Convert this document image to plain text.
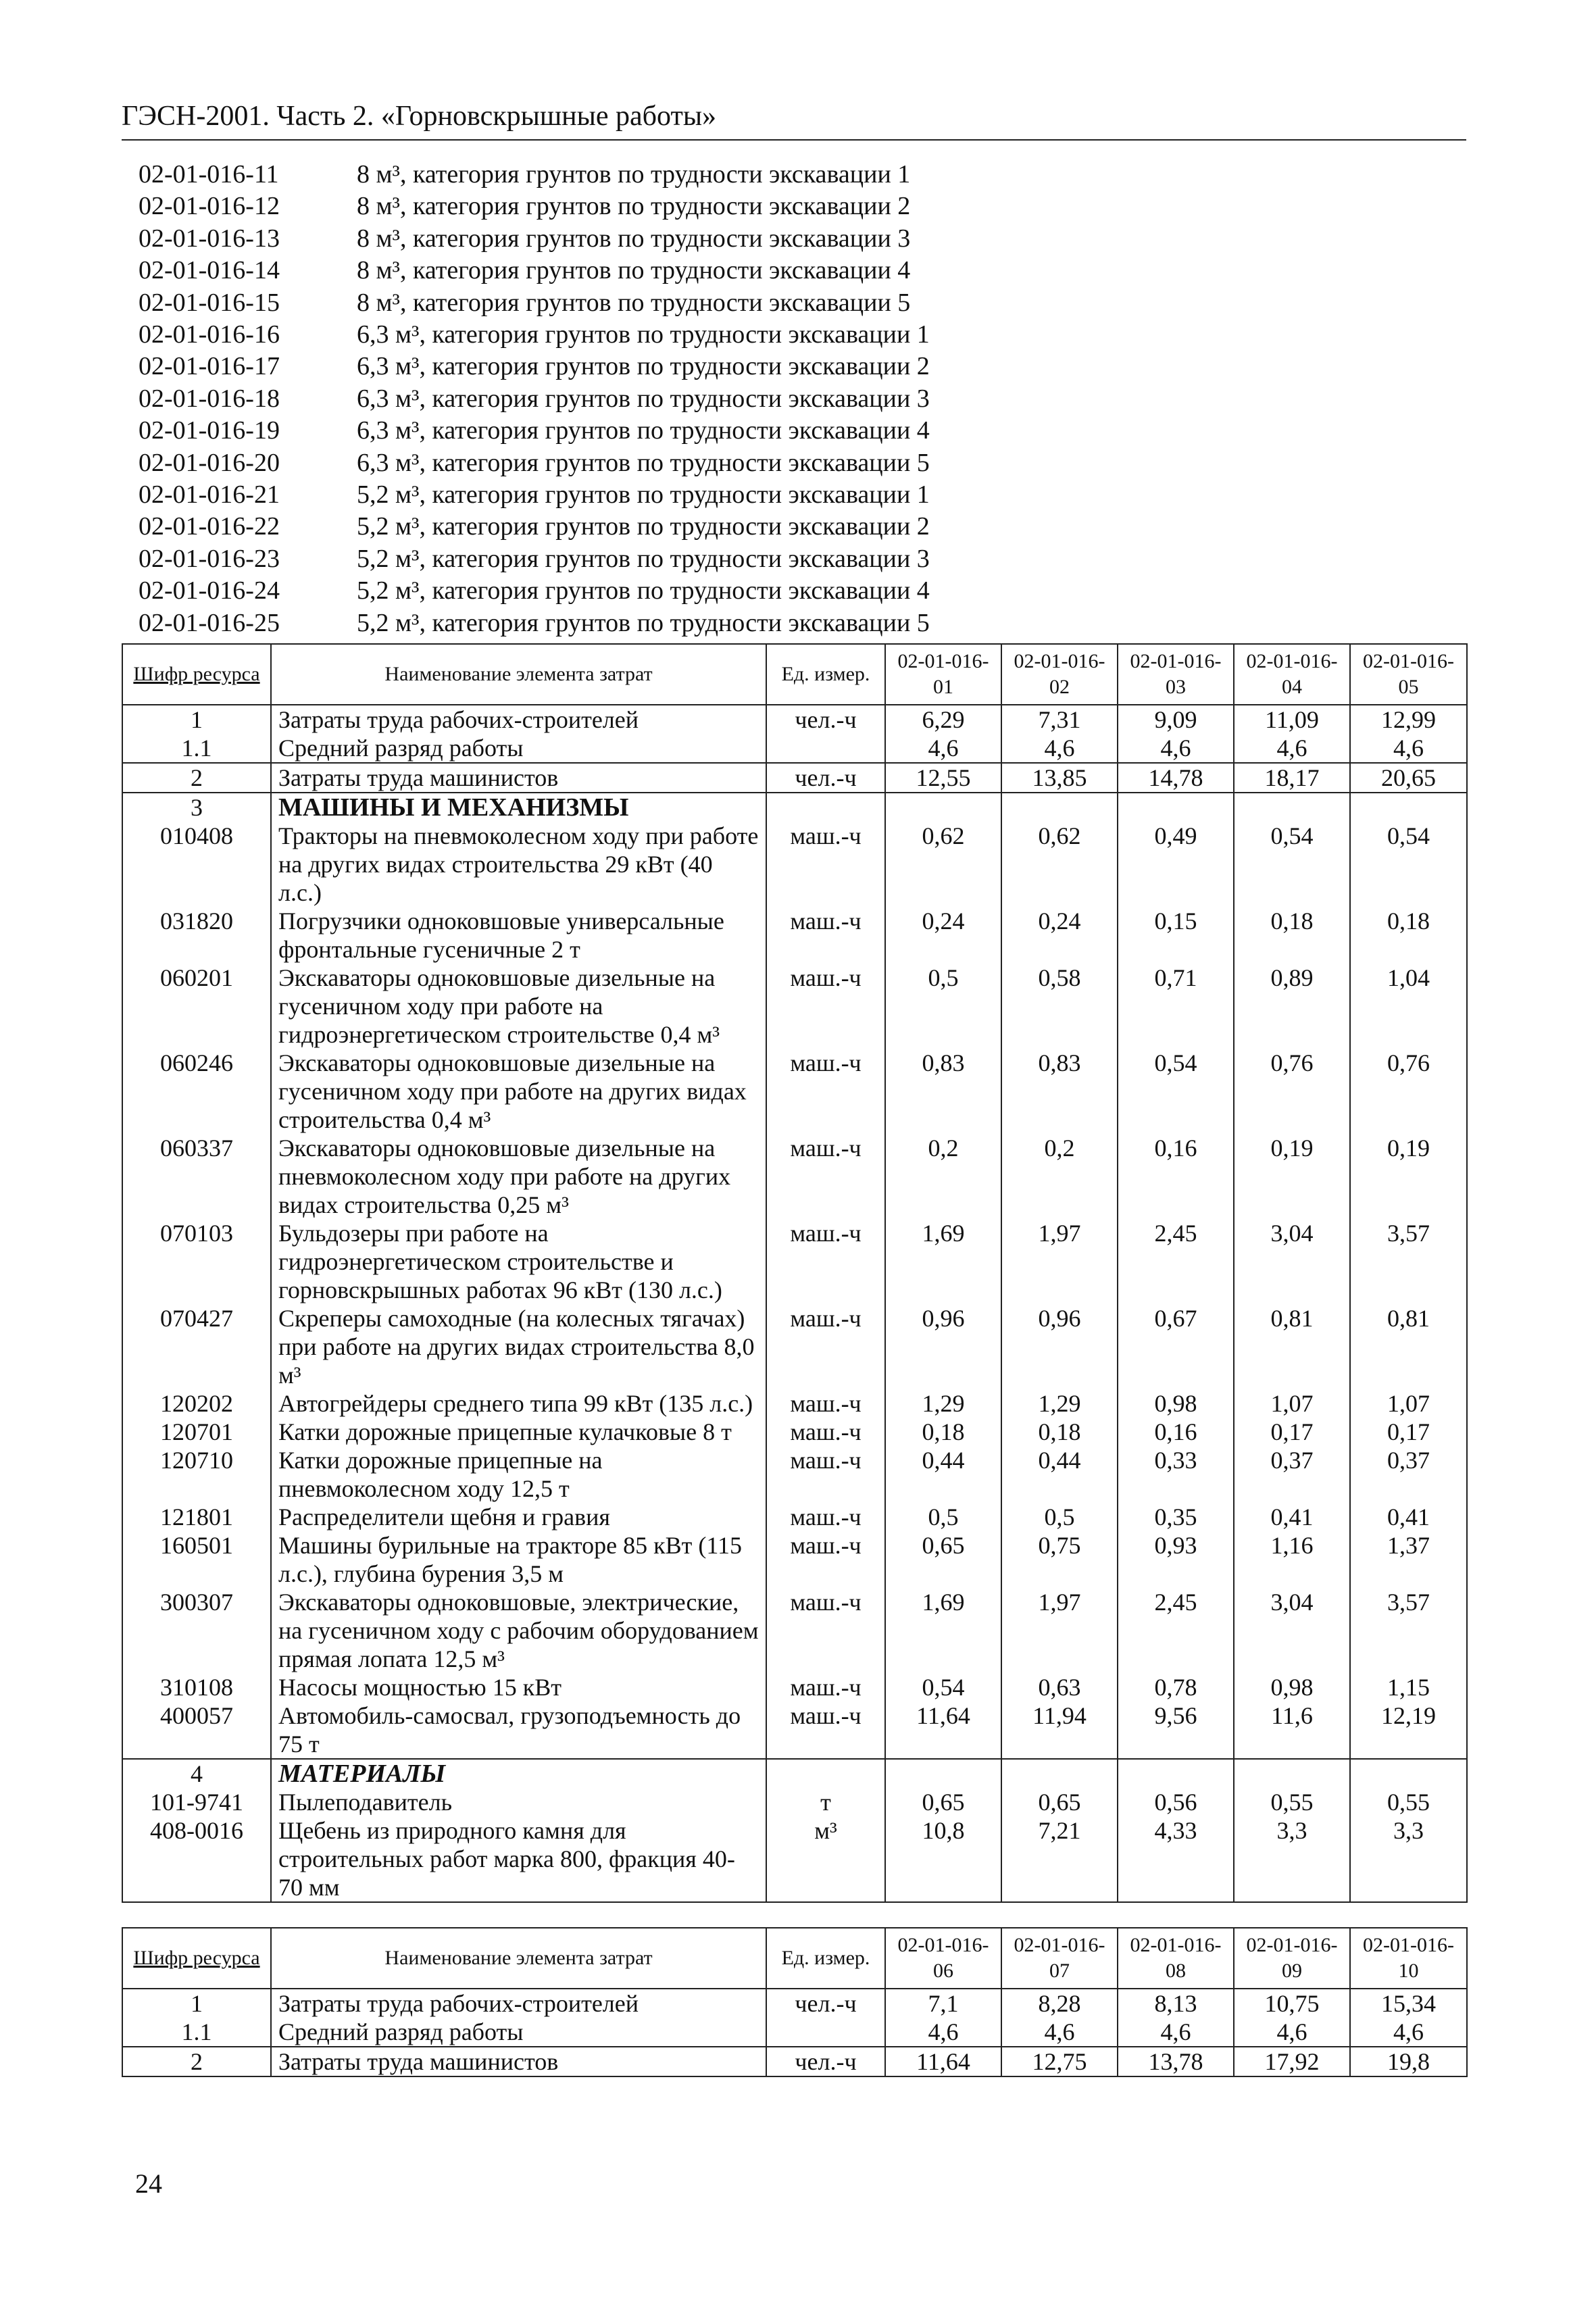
ГЭСН-2001. Часть 2. «Горновскрышные работы»
02-01-016-11	8 м³, категория грунтов по трудности экскавации 1
02-01-016-12	8 м³, категория грунтов по трудности экскавации 2
02-01-016-13	8 м³, категория грунтов по трудности экскавации 3
02-01-016-14	8 м³, категория грунтов по трудности экскавации 4
02-01-016-15	8 м³, категория грунтов по трудности экскавации 5
02-01-016-16	6,3 м³, категория грунтов по трудности экскавации 1
02-01-016-17	6,3 м³, категория грунтов по трудности экскавации 2
02-01-016-18	6,3 м³, категория грунтов по трудности экскавации 3
02-01-016-19	6,3 м³, категория грунтов по трудности экскавации 4
02-01-016-20	6,3 м³, категория грунтов по трудности экскавации 5
02-01-016-21	5,2 м³, категория грунтов по трудности экскавации 1
02-01-016-22	5,2 м³, категория грунтов по трудности экскавации 2
02-01-016-23	5,2 м³, категория грунтов по трудности экскавации 3
02-01-016-24	5,2 м³, категория грунтов по трудности экскавации 4
02-01-016-25	5,2 м³, категория грунтов по трудности экскавации 5
Шифр ресурса	Наименование элемента затрат	Ед. измер.	02-01-016-01	02-01-016-02	02-01-016-03	02-01-016-04	02-01-016-05
1	Затраты труда рабочих-строителей	чел.-ч	6,29	7,31	9,09	11,09	12,99
1.1	Средний разряд работы		4,6	4,6	4,6	4,6	4,6
2	Затраты труда машинистов	чел.-ч	12,55	13,85	14,78	18,17	20,65
3	МАШИНЫ И МЕХАНИЗМЫ						
010408	Тракторы на пневмоколесном ходу при работе на других видах строительства 29 кВт (40 л.с.)	маш.-ч	0,62	0,62	0,49	0,54	0,54
031820	Погрузчики одноковшовые универсальные фронтальные гусеничные 2 т	маш.-ч	0,24	0,24	0,15	0,18	0,18
060201	Экскаваторы одноковшовые дизельные на гусеничном ходу при работе на гидроэнергетическом строительстве 0,4 м³	маш.-ч	0,5	0,58	0,71	0,89	1,04
060246	Экскаваторы одноковшовые дизельные на гусеничном ходу при работе на других видах строительства 0,4 м³	маш.-ч	0,83	0,83	0,54	0,76	0,76
060337	Экскаваторы одноковшовые дизельные на пневмоколесном ходу при работе на других видах строительства 0,25 м³	маш.-ч	0,2	0,2	0,16	0,19	0,19
070103	Бульдозеры при работе на гидроэнергетическом строительстве и горновскрышных работах 96 кВт (130 л.с.)	маш.-ч	1,69	1,97	2,45	3,04	3,57
070427	Скреперы самоходные (на колесных тягачах) при работе на других видах строительства 8,0 м³	маш.-ч	0,96	0,96	0,67	0,81	0,81
120202	Автогрейдеры среднего типа 99 кВт (135 л.с.)	маш.-ч	1,29	1,29	0,98	1,07	1,07
120701	Катки дорожные прицепные кулачковые 8 т	маш.-ч	0,18	0,18	0,16	0,17	0,17
120710	Катки дорожные прицепные на пневмоколесном ходу 12,5 т	маш.-ч	0,44	0,44	0,33	0,37	0,37
121801	Распределители щебня и гравия	маш.-ч	0,5	0,5	0,35	0,41	0,41
160501	Машины бурильные на тракторе 85 кВт (115 л.с.), глубина бурения 3,5 м	маш.-ч	0,65	0,75	0,93	1,16	1,37
300307	Экскаваторы одноковшовые, электрические, на гусеничном ходу с рабочим оборудованием прямая лопата 12,5 м³	маш.-ч	1,69	1,97	2,45	3,04	3,57
310108	Насосы мощностью 15 кВт	маш.-ч	0,54	0,63	0,78	0,98	1,15
400057	Автомобиль-самосвал, грузоподъемность до 75 т	маш.-ч	11,64	11,94	9,56	11,6	12,19
4	МАТЕРИАЛЫ						
101-9741	Пылеподавитель	т	0,65	0,65	0,56	0,55	0,55
408-0016	Щебень из природного камня для строительных работ марка 800, фракция 40-70 мм	м³	10,8	7,21	4,33	3,3	3,3
Шифр ресурса	Наименование элемента затрат	Ед. измер.	02-01-016-06	02-01-016-07	02-01-016-08	02-01-016-09	02-01-016-10
1	Затраты труда рабочих-строителей	чел.-ч	7,1	8,28	8,13	10,75	15,34
1.1	Средний разряд работы		4,6	4,6	4,6	4,6	4,6
2	Затраты труда машинистов	чел.-ч	11,64	12,75	13,78	17,92	19,8
24
